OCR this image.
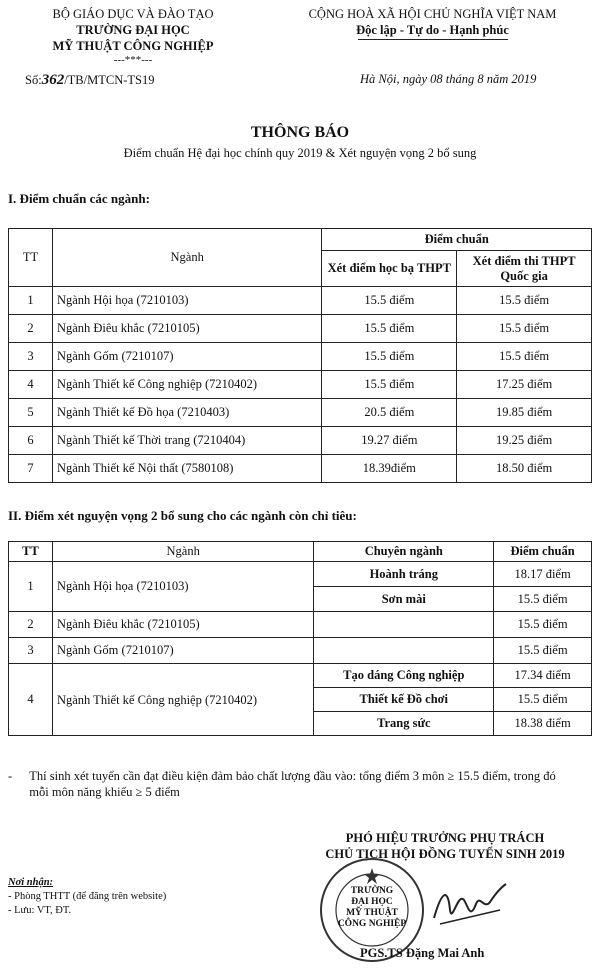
BỘ GIÁO DỤC VÀ ĐÀO TẠO
TRƯỜNG ĐẠI HỌC
MỸ THUẬT CÔNG NGHIỆP
---***---
CỘNG HOÀ XÃ HỘI CHỦ NGHĨA VIỆT NAM
Độc lập - Tự do - Hạnh phúc
Số:362/TB/MTCN-TS19	Hà Nội, ngày 08 tháng 8 năm 2019
THÔNG BÁO
Điểm chuẩn Hệ đại học chính quy 2019 & Xét nguyện vọng 2 bổ sung
I. Điểm chuẩn các ngành:
TT	Ngành	Điểm chuẩn	
		Xét điểm học bạ THPT	Xét điểm thi THPT Quốc gia
1	Ngành Hội họa (7210103)	15.5 điểm	15.5 điểm
2	Ngành Điêu khắc (7210105)	15.5 điểm	15.5 điểm
3	Ngành Gốm (7210107)	15.5 điểm	15.5 điểm
4	Ngành Thiết kế Công nghiệp (7210402)	15.5 điểm	17.25 điểm
5	Ngành Thiết kế Đồ họa (7210403)	20.5 điểm	19.85 điểm
6	Ngành Thiết kế Thời trang (7210404)	19.27 điểm	19.25 điểm
7	Ngành Thiết kế Nội thất (7580108)	18.39điểm	18.50 điểm
II. Điểm xét nguyện vọng 2 bổ sung cho các ngành còn chỉ tiêu:
TT	Ngành	Chuyên ngành	Điểm chuẩn
1	Ngành Hội họa (7210103)	Hoành tráng	18.17 điểm
		Sơn mài	15.5 điểm
2	Ngành Điêu khắc (7210105)		15.5 điểm
3	Ngành Gốm (7210107)		15.5 điểm
4	Ngành Thiết kế Công nghiệp (7210402)	Tạo dáng Công nghiệp	17.34 điểm
		Thiết kế Đồ chơi	15.5 điểm
		Trang sức	18.38 điểm
- Thí sinh xét tuyển cần đạt điều kiện đảm bảo chất lượng đầu vào: tổng điểm 3 môn ≥ 15.5 điểm, trong đó mỗi môn năng khiếu ≥ 5 điểm
PHÓ HIỆU TRƯỞNG PHỤ TRÁCH
CHỦ TỊCH HỘI ĐỒNG TUYỂN SINH 2019
TRƯỜNG
ĐẠI HỌC
MỸ THUẬT
CÔNG NGHIỆP
PGS.TS Đặng Mai Anh
Nơi nhận:
- Phòng THTT (để đăng trên website)
- Lưu: VT, ĐT.
